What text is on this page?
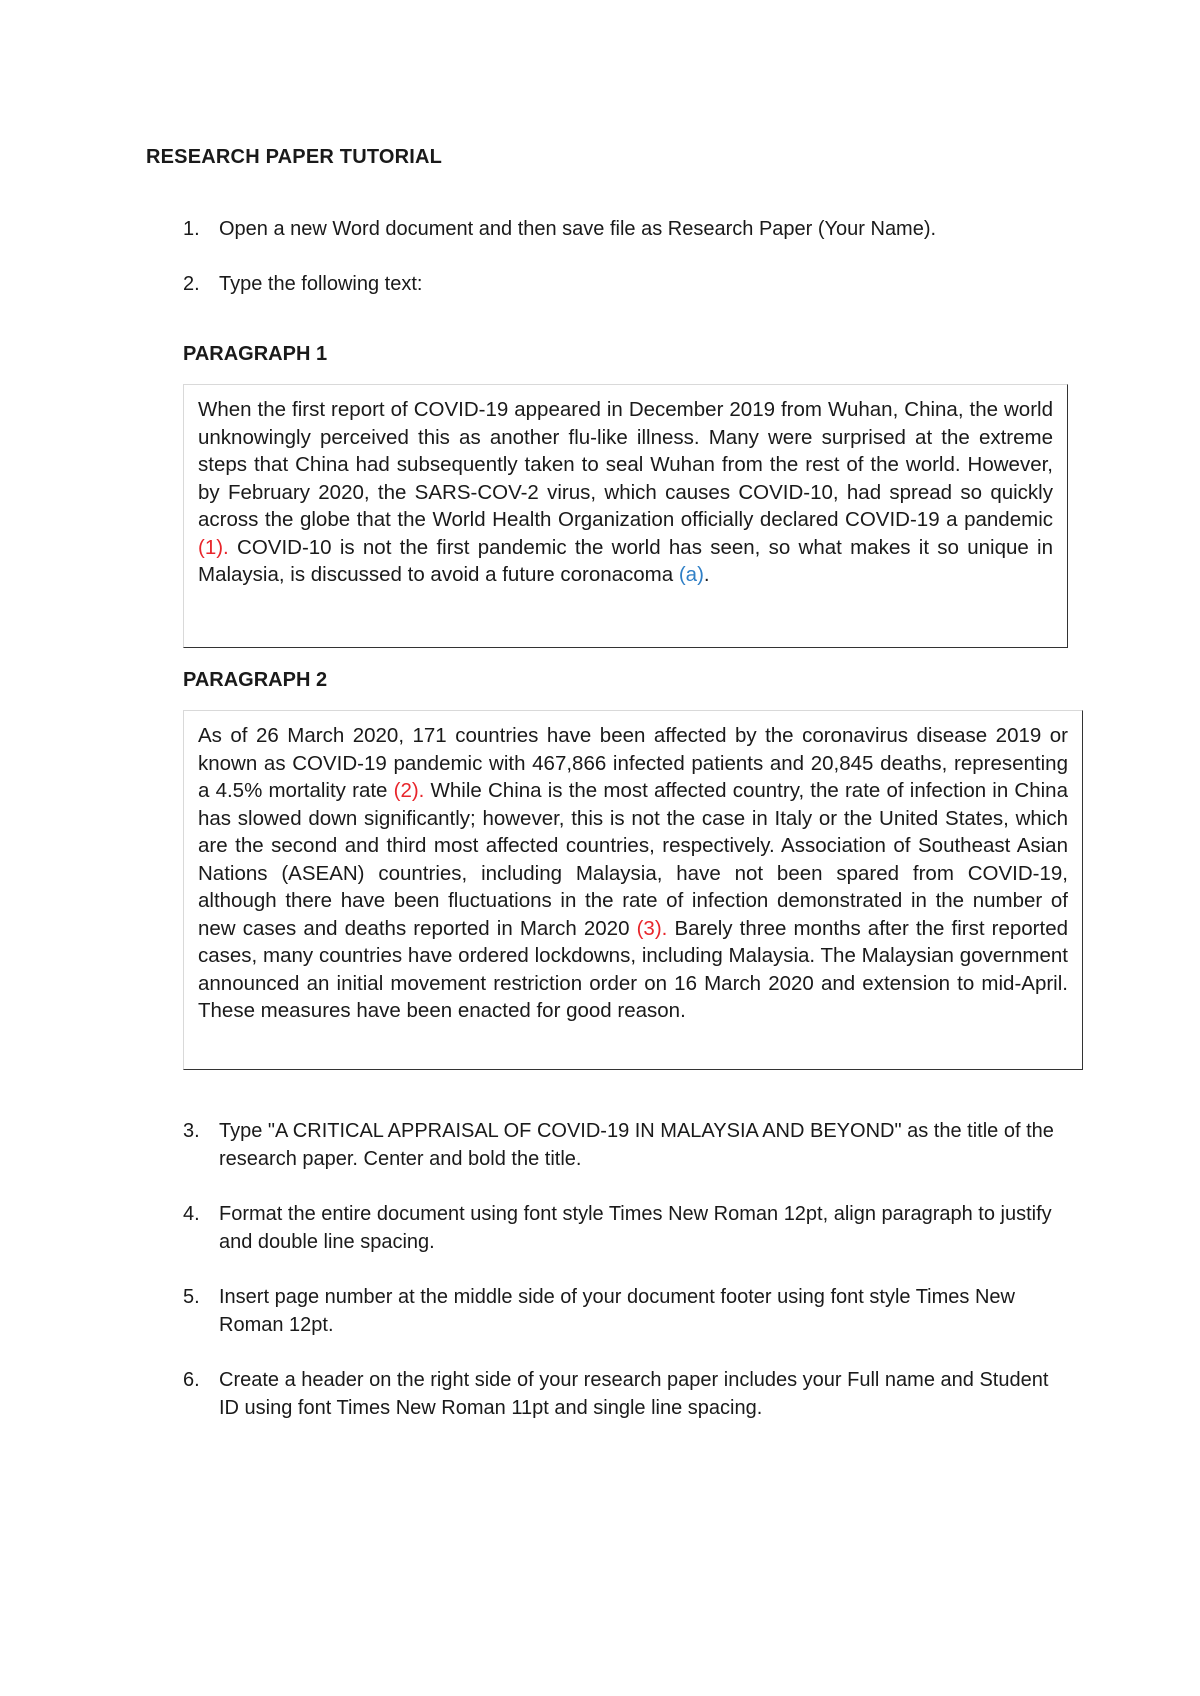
RESEARCH PAPER TUTORIAL
1. Open a new Word document and then save file as Research Paper (Your Name).
2. Type the following text:
PARAGRAPH 1
When the first report of COVID-19 appeared in December 2019 from Wuhan, China, the world unknowingly perceived this as another flu-like illness. Many were surprised at the extreme steps that China had subsequently taken to seal Wuhan from the rest of the world. However, by February 2020, the SARS-COV-2 virus, which causes COVID-10, had spread so quickly across the globe that the World Health Organization officially declared COVID-19 a pandemic (1). COVID-10 is not the first pandemic the world has seen, so what makes it so unique in Malaysia, is discussed to avoid a future coronacoma (a).
PARAGRAPH 2
As of 26 March 2020, 171 countries have been affected by the coronavirus disease 2019 or known as COVID-19 pandemic with 467,866 infected patients and 20,845 deaths, representing a 4.5% mortality rate (2). While China is the most affected country, the rate of infection in China has slowed down significantly; however, this is not the case in Italy or the United States, which are the second and third most affected countries, respectively. Association of Southeast Asian Nations (ASEAN) countries, including Malaysia, have not been spared from COVID-19, although there have been fluctuations in the rate of infection demonstrated in the number of new cases and deaths reported in March 2020 (3). Barely three months after the first reported cases, many countries have ordered lockdowns, including Malaysia. The Malaysian government announced an initial movement restriction order on 16 March 2020 and extension to mid-April. These measures have been enacted for good reason.
3. Type "A CRITICAL APPRAISAL OF COVID-19 IN MALAYSIA AND BEYOND" as the title of the research paper. Center and bold the title.
4. Format the entire document using font style Times New Roman 12pt, align paragraph to justify and double line spacing.
5. Insert page number at the middle side of your document footer using font style Times New Roman 12pt.
6. Create a header on the right side of your research paper includes your Full name and Student ID using font Times New Roman 11pt and single line spacing.
